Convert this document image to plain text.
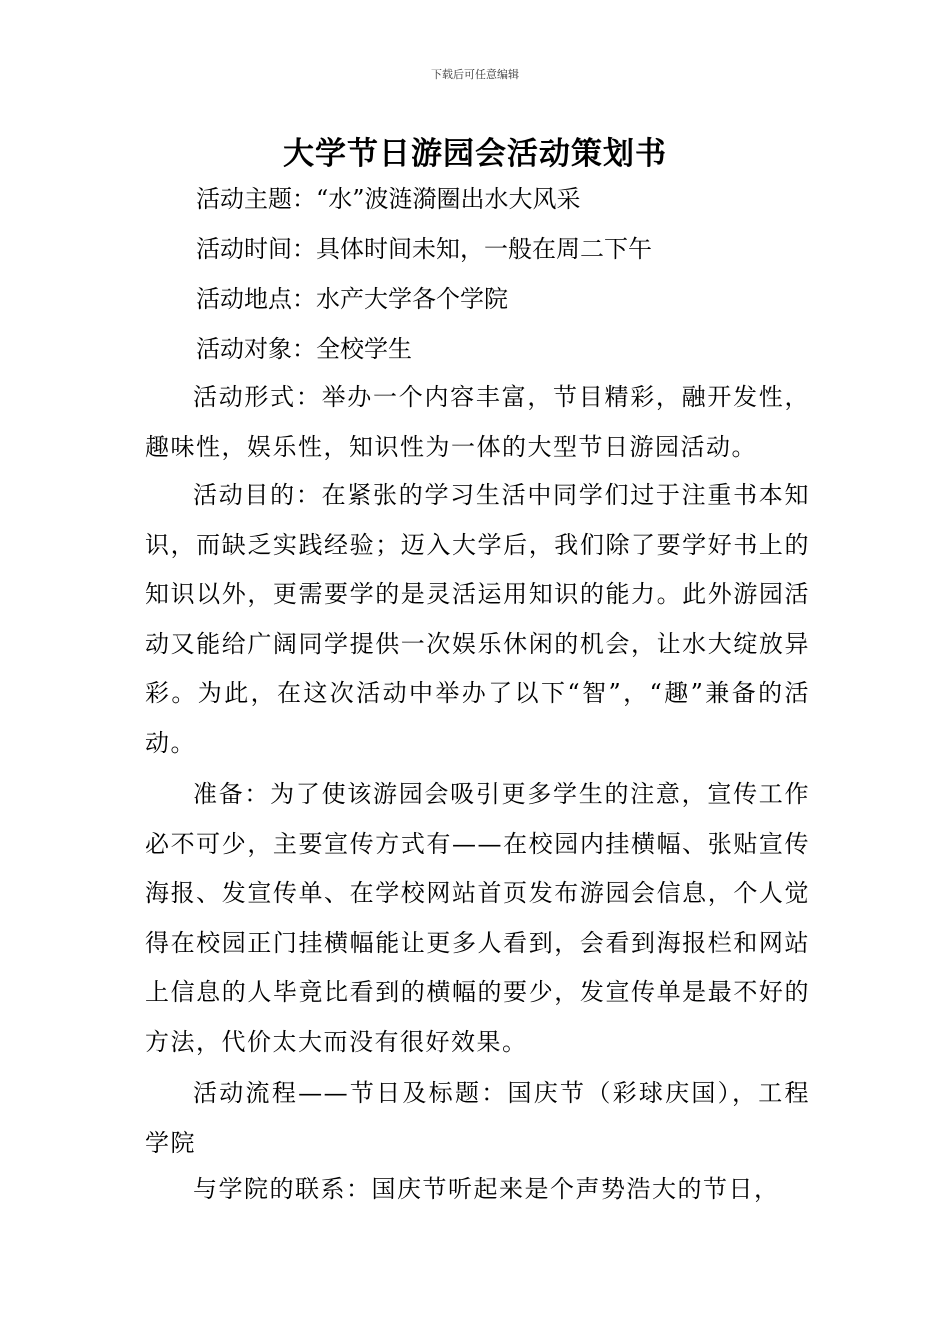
下载后可任意编辑
大学节日游园会活动策划书
活动主题：“水”波涟漪圈出水大风采
活动时间：具体时间未知，一般在周二下午
活动地点：水产大学各个学院
活动对象：全校学生
活动形式：举办一个内容丰富，节目精彩，融开发性，趣味性，娱乐性，知识性为一体的大型节日游园活动。
活动目的：在紧张的学习生活中同学们过于注重书本知识，而缺乏实践经验；迈入大学后，我们除了要学好书上的知识以外，更需要学的是灵活运用知识的能力。此外游园活动又能给广阔同学提供一次娱乐休闲的机会，让水大绽放异彩。为此，在这次活动中举办了以下“智”，“趣”兼备的活动。
准备：为了使该游园会吸引更多学生的注意，宣传工作必不可少，主要宣传方式有——在校园内挂横幅、张贴宣传海报、发宣传单、在学校网站首页发布游园会信息，个人觉得在校园正门挂横幅能让更多人看到，会看到海报栏和网站上信息的人毕竟比看到的横幅的要少，发宣传单是最不好的方法，代价太大而没有很好效果。
活动流程——节日及标题：国庆节（彩球庆国），工程学院
与学院的联系：国庆节听起来是个声势浩大的节日，
